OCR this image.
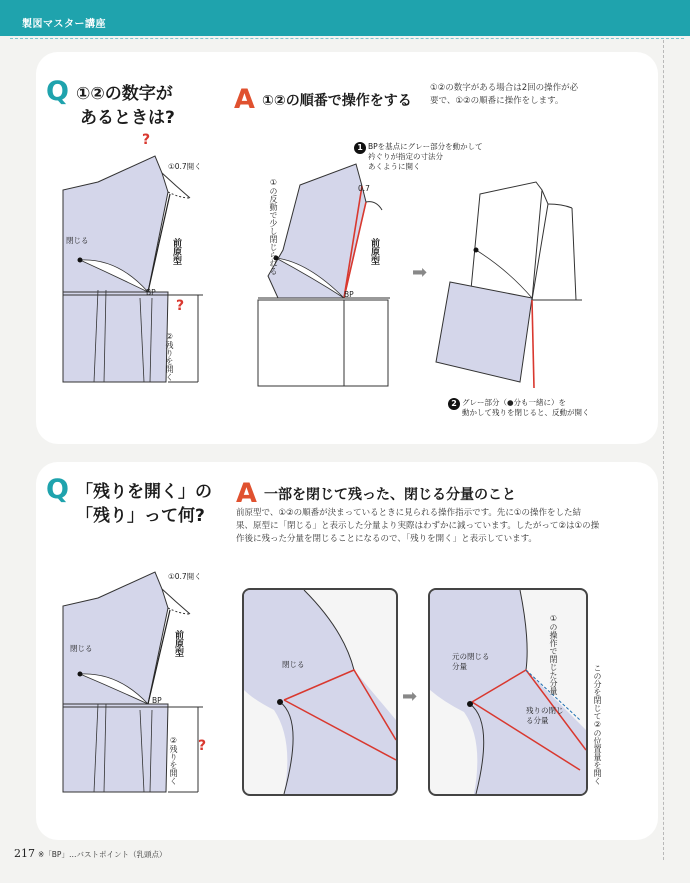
製図マスター講座
Q ①②の数字が
あるときは?
A ①②の順番で操作をする
①②の数字がある場合は2回の操作が必
要で、①②の順番に操作をします。
①0.7開く
?
閉じる	前原型
BP
?
②残りを開く
1 BPを基点にグレー部分を動かして
衿ぐりが指定の寸法分
あくように開く
0.7
①の反動で少し閉じられる	前原型
BP
➡
2 グレー部分（●分も一緒に）を
動かして残りを閉じると、反動が開く
Q 「残りを開く」の
「残り」って何?
A 一部を閉じて残った、閉じる分量のこと
前原型で、①②の順番が決まっているときに見られる操作指示です。先に①の操作をした結
果、原型に「閉じる」と表示した分量より実際はわずかに減っています。したがって②は①の操
作後に残った分量を閉じることになるので、「残りを開く」と表示しています。
①0.7開く
閉じる	前原型
BP
②残りを開く ?
閉じる
➡
元の閉じる分量	①の操作で閉じた分量
残りの閉じる分量	この分を閉じて②の位置量を開く
217 ※「BP」…バストポイント（乳頭点）
